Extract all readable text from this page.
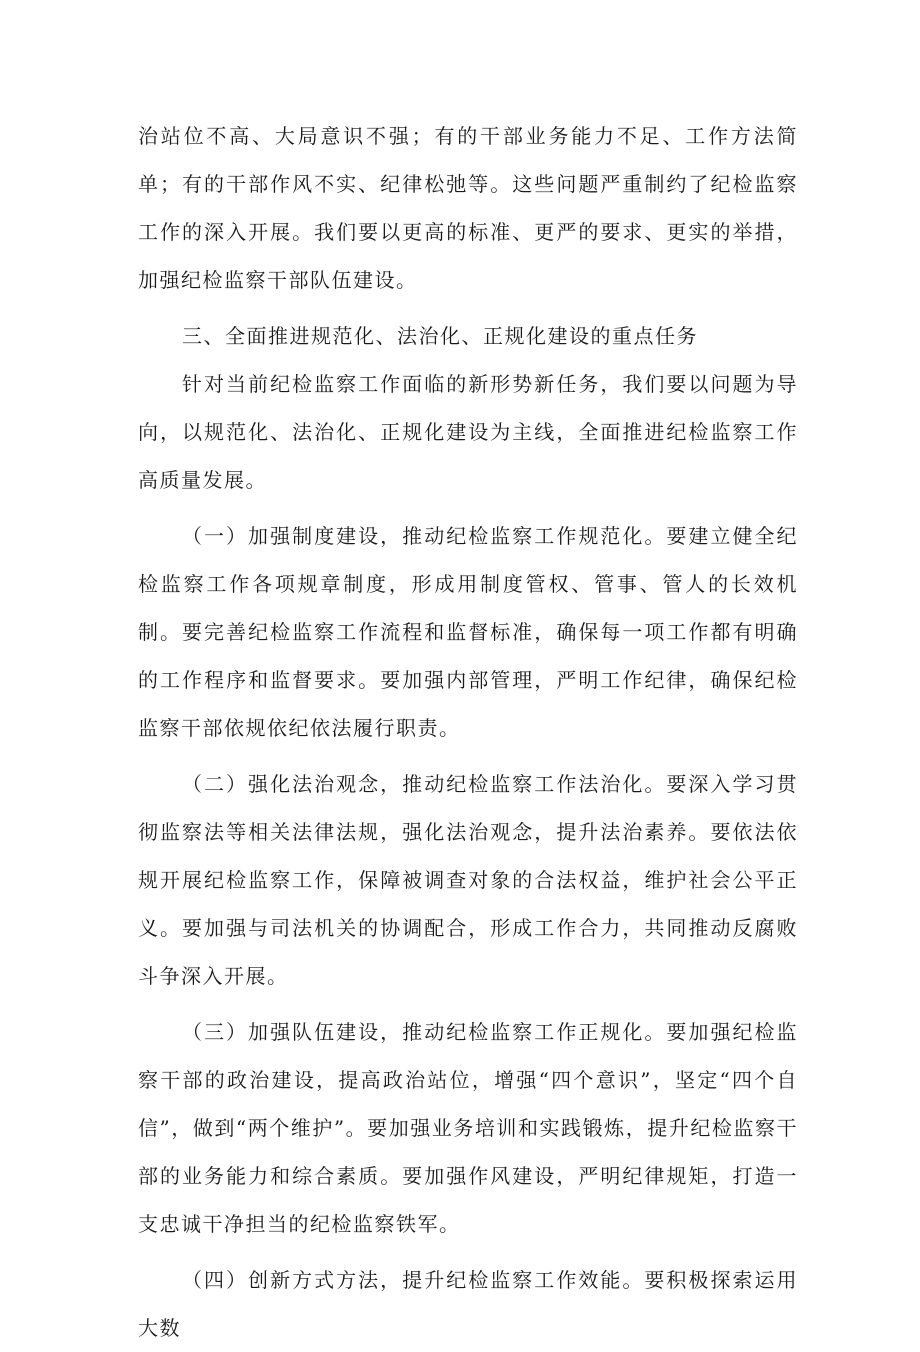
治站位不高、大局意识不强；有的干部业务能力不足、工作方法简单；有的干部作风不实、纪律松弛等。这些问题严重制约了纪检监察工作的深入开展。我们要以更高的标准、更严的要求、更实的举措，加强纪检监察干部队伍建设。

三、全面推进规范化、法治化、正规化建设的重点任务

针对当前纪检监察工作面临的新形势新任务，我们要以问题为导向，以规范化、法治化、正规化建设为主线，全面推进纪检监察工作高质量发展。

（一）加强制度建设，推动纪检监察工作规范化。要建立健全纪检监察工作各项规章制度，形成用制度管权、管事、管人的长效机制。要完善纪检监察工作流程和监督标准，确保每一项工作都有明确的工作程序和监督要求。要加强内部管理，严明工作纪律，确保纪检监察干部依规依纪依法履行职责。

（二）强化法治观念，推动纪检监察工作法治化。要深入学习贯彻监察法等相关法律法规，强化法治观念，提升法治素养。要依法依规开展纪检监察工作，保障被调查对象的合法权益，维护社会公平正义。要加强与司法机关的协调配合，形成工作合力，共同推动反腐败斗争深入开展。

（三）加强队伍建设，推动纪检监察工作正规化。要加强纪检监察干部的政治建设，提高政治站位，增强“四个意识”，坚定“四个自信”，做到“两个维护”。要加强业务培训和实践锻炼，提升纪检监察干部的业务能力和综合素质。要加强作风建设，严明纪律规矩，打造一支忠诚干净担当的纪检监察铁军。

（四）创新方式方法，提升纪检监察工作效能。要积极探索运用大数
